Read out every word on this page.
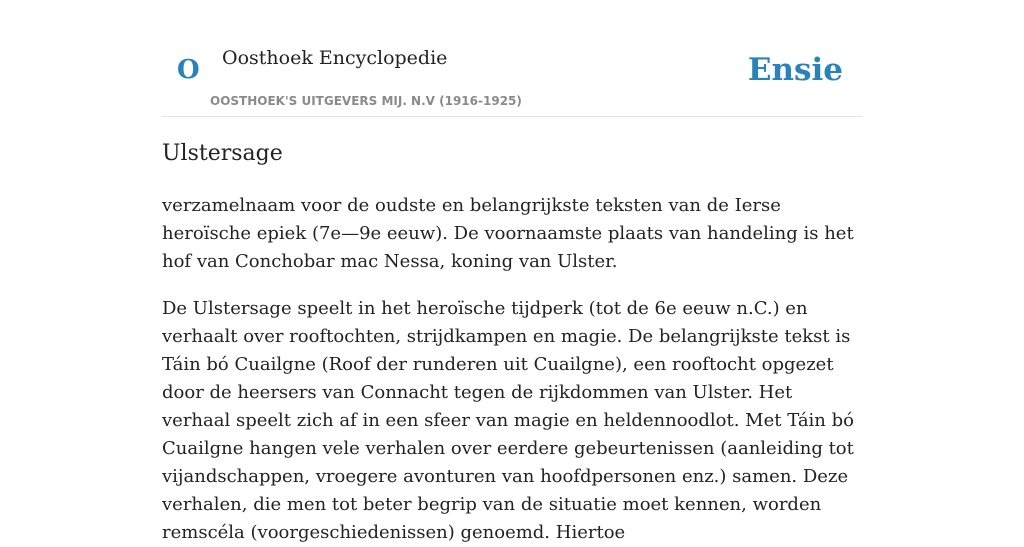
O Oosthoek Encyclopedie
OOSTHOEK'S UITGEVERS MIJ. N.V (1916-1925)
Ensie
Ulstersage

verzamelnaam voor de oudste en belangrijkste teksten van de Ierse heroïsche epiek (7e—9e eeuw). De voornaamste plaats van handeling is het hof van Conchobar mac Nessa, koning van Ulster.

De Ulstersage speelt in het heroïsche tijdperk (tot de 6e eeuw n.C.) en verhaalt over rooftochten, strijdkampen en magie. De belangrijkste tekst is Táin bó Cuailgne (Roof der runderen uit Cuailgne), een rooftocht opgezet door de heersers van Connacht tegen de rijkdommen van Ulster. Het verhaal speelt zich af in een sfeer van magie en heldennoodlot. Met Táin bó Cuailgne hangen vele verhalen over eerdere gebeurtenissen (aanleiding tot vijandschappen, vroegere avonturen van hoofdpersonen enz.) samen. Deze verhalen, die men tot beter begrip van de situatie moet kennen, worden remscéla (voorgeschiedenissen) genoemd. Hiertoe
